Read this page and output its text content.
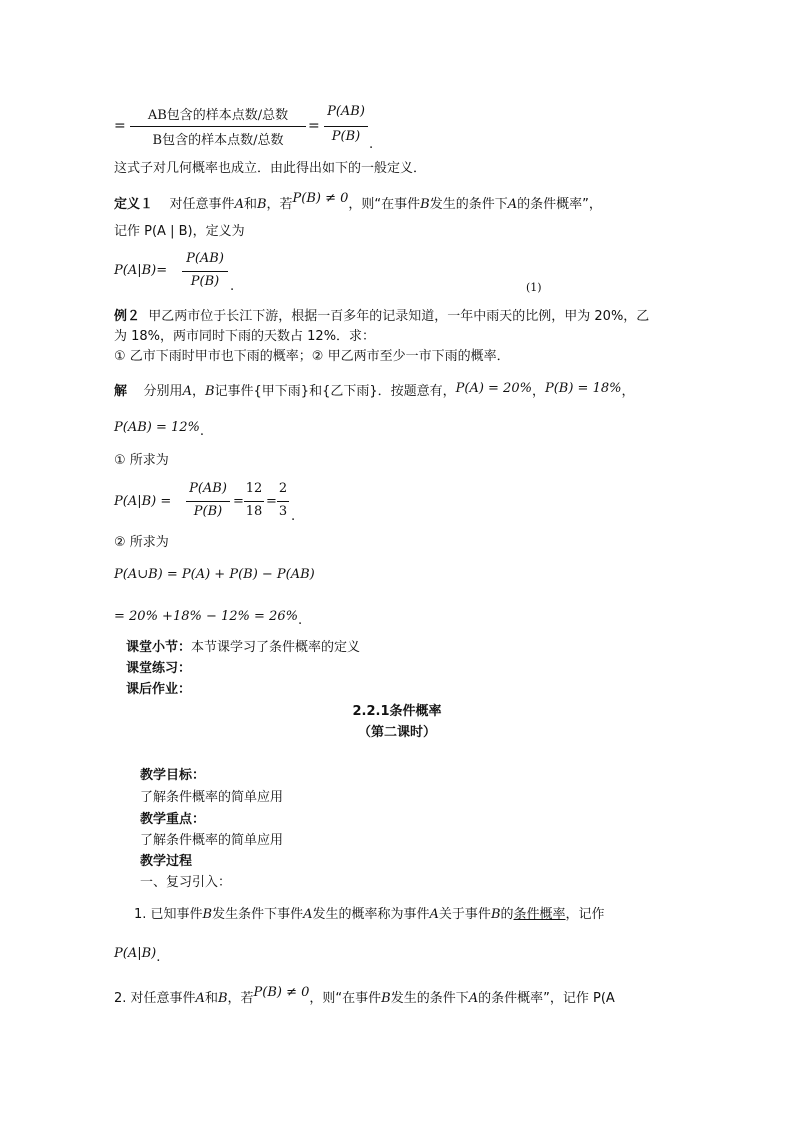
=
AB包含的样本点数/总数
B包含的样本点数/总数
=
P(AB)
P(B)
.
这式子对几何概率也成立．由此得出如下的一般定义．
定义１ 对任意事件A和B，若P(B) ≠ 0，则“在事件B发生的条件下A的条件概率”，
记作 P(A | B)，定义为
P(A|B)=
P(AB)
P(B) .	(1)
例２ 甲乙两市位于长江下游，根据一百多年的记录知道，一年中雨天的比例，甲为 20%，乙
为 18%，两市同时下雨的天数占 12%．求：
① 乙市下雨时甲市也下雨的概率；② 甲乙两市至少一市下雨的概率．
解 分别用A，B记事件{甲下雨}和{乙下雨}．按题意有，P(A) = 20%，P(B) = 18%，
P(AB) = 12%.
① 所求为
P(A|B) =
P(AB)
P(B)
=
12
18
=
2
3 .
② 所求为
P(A∪B) = P(A) + P(B) − P(AB)
= 20% +18% − 12% = 26%.
课堂小节：本节课学习了条件概率的定义
课堂练习：
课后作业：
2.2.1条件概率
（第二课时）
教学目标：
了解条件概率的简单应用
教学重点：
了解条件概率的简单应用
教学过程
一、复习引入：
1. 已知事件B发生条件下事件A发生的概率称为事件A关于事件B的条件概率，记作
P(A|B).
2. 对任意事件A和B，若P(B) ≠ 0，则“在事件B发生的条件下A的条件概率”，记作 P(A
